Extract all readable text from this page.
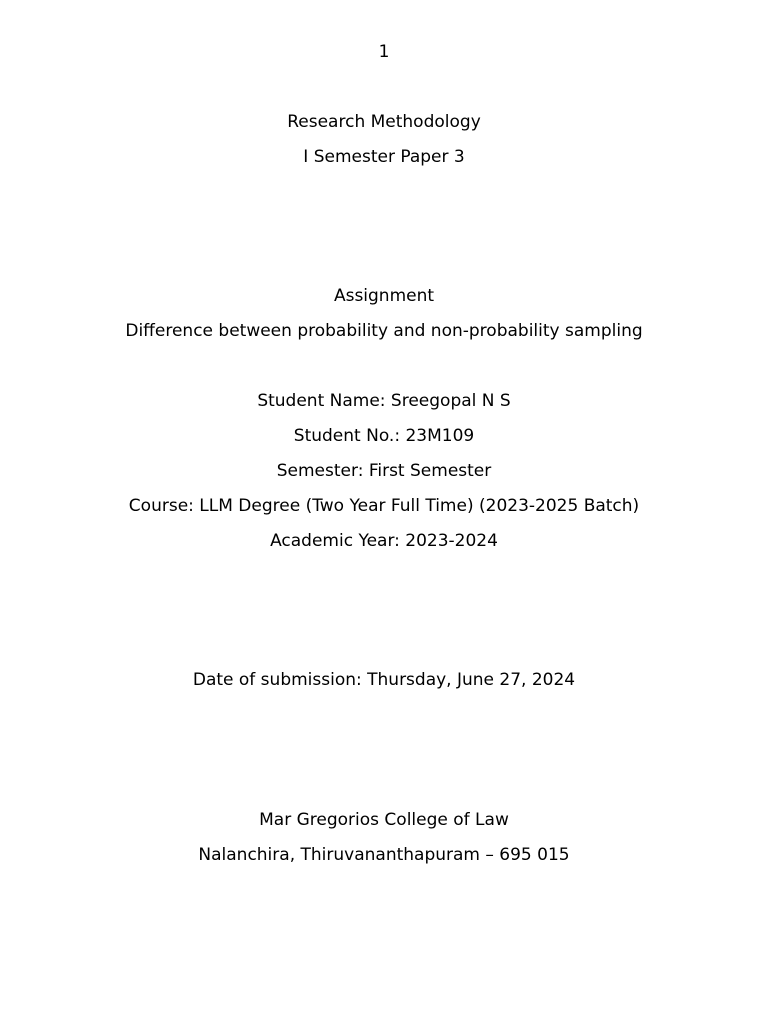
1
Research Methodology
I Semester Paper 3
Assignment
Difference between probability and non-probability sampling
Student Name: Sreegopal N S
Student No.: 23M109
Semester: First Semester
Course: LLM Degree (Two Year Full Time) (2023-2025 Batch)
Academic Year: 2023-2024
Date of submission: Thursday, June 27, 2024
Mar Gregorios College of Law
Nalanchira, Thiruvananthapuram – 695 015
